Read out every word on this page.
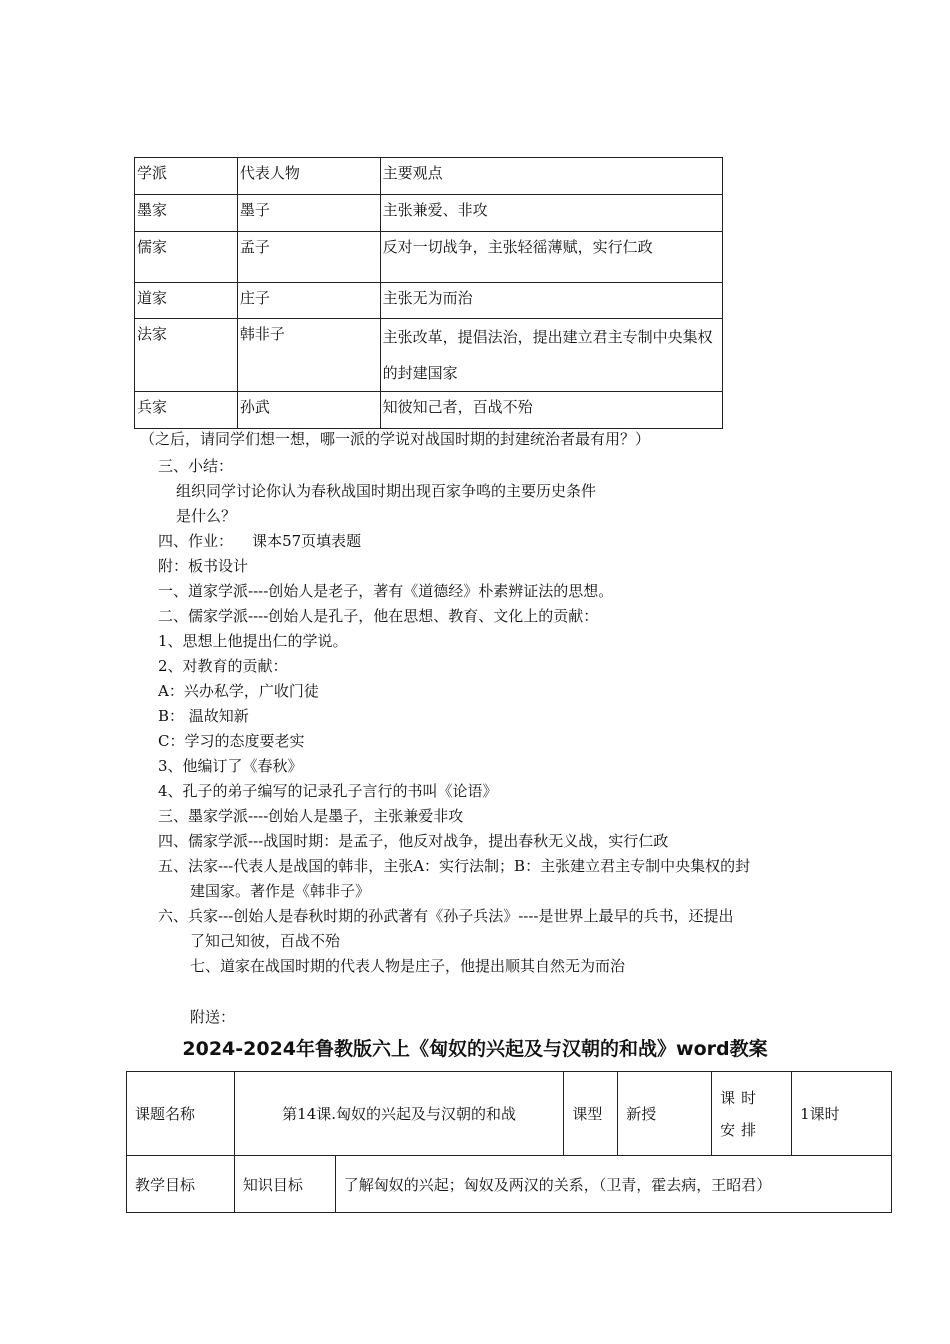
学派	代表人物	主要观点
墨家	墨子	主张兼爱、非攻
儒家	孟子	反对一切战争，主张轻徭薄赋，实行仁政
道家	庄子	主张无为而治
法家	韩非子	主张改革，提倡法治，提出建立君主专制中央集权的封建国家
兵家	孙武	知彼知己者，百战不殆
（之后，请同学们想一想，哪一派的学说对战国时期的封建统治者最有用？）
三、小结：
组织同学讨论你认为春秋战国时期出现百家争鸣的主要历史条件
是什么？
四、作业：    课本57页填表题
附：板书设计
一、道家学派----创始人是老子，著有《道德经》朴素辨证法的思想。
二、儒家学派----创始人是孔子，他在思想、教育、文化上的贡献：
1、思想上他提出仁的学说。
2、对教育的贡献：
A：兴办私学，广收门徒
B： 温故知新
C：学习的态度要老实
3、他编订了《春秋》
4、孔子的弟子编写的记录孔子言行的书叫《论语》
三、墨家学派----创始人是墨子，主张兼爱非攻
四、儒家学派---战国时期：是孟子，他反对战争，提出春秋无义战，实行仁政
五、法家---代表人是战国的韩非，主张A：实行法制；B：主张建立君主专制中央集权的封
建国家。著作是《韩非子》
六、兵家---创始人是春秋时期的孙武著有《孙子兵法》----是世界上最早的兵书，还提出
了知己知彼，百战不殆
七、道家在战国时期的代表人物是庄子，他提出顺其自然无为而治
附送：
2024-2024年鲁教版六上《匈奴的兴起及与汉朝的和战》word教案
课题名称	第14课.匈奴的兴起及与汉朝的和战		课型	新授	课时安排	1课时
教学目标	知识目标	了解匈奴的兴起；匈奴及两汉的关系，（卫青，霍去病，王昭君）				
